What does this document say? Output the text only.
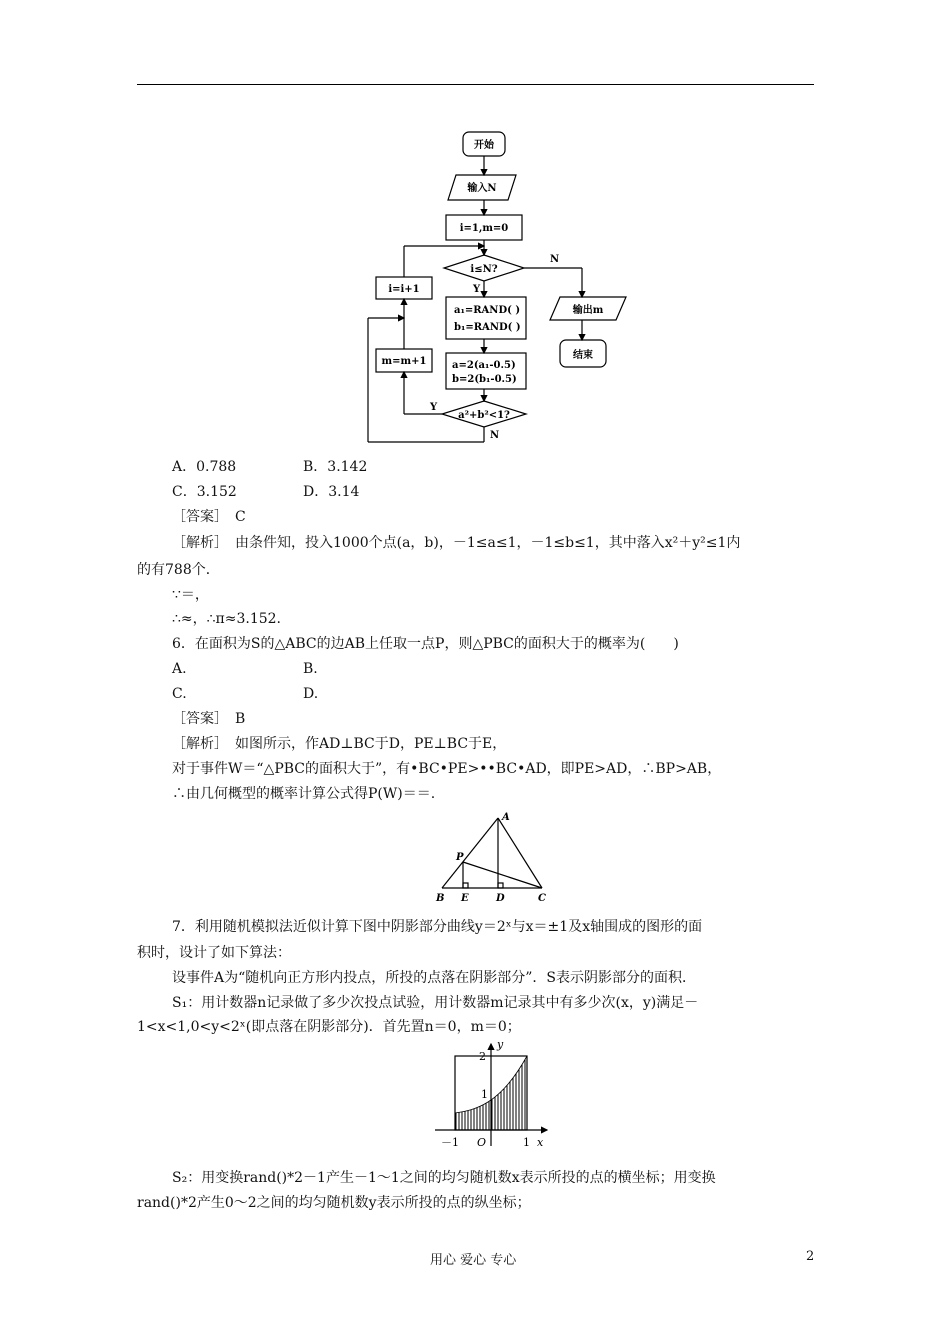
开始
输入N
i=1,m=0
i≤N?
Y
N
a₁=RAND( )
b₁=RAND( )
a=2(a₁-0.5)
b=2(b₁-0.5)
a²+b²<1?
Y
N
i=i+1
m=m+1
输出m
结束
A．0.788	B．3.142
C．3.152	D．3.14
［答案］　C
［解析］　由条件知，投入1000个点(a，b)，－1≤a≤1，－1≤b≤1，其中落入x²＋y²≤1内
的有788个．
∵＝，
∴≈，∴π≈3.152.
6．在面积为S的△ABC的边AB上任取一点P，则△PBC的面积大于的概率为(　　)
A.	B.
C.	D.
［答案］　B
［解析］　如图所示，作AD⊥BC于D，PE⊥BC于E，
对于事件W＝“△PBC的面积大于”，有•BC•PE>••BC•AD，即PE>AD，∴BP>AB，
∴由几何概型的概率计算公式得P(W)＝＝.
A
P
B E	D	C
7．利用随机模拟法近似计算下图中阴影部分曲线y＝2ˣ与x＝±1及x轴围成的图形的面
积时，设计了如下算法：
设事件A为“随机向正方形内投点，所投的点落在阴影部分”．S表示阴影部分的面积．
S₁：用计数器n记录做了多少次投点试验，用计数器m记录其中有多少次(x，y)满足－
1<x<1,0<y<2ˣ(即点落在阴影部分)．首先置n＝0，m＝0；
y
x
2
1
－1 O	1
S₂：用变换rand()*2－1产生－1～1之间的均匀随机数x表示所投的点的横坐标；用变换
rand()*2产生0～2之间的均匀随机数y表示所投的点的纵坐标；
用心 爱心 专心	2
